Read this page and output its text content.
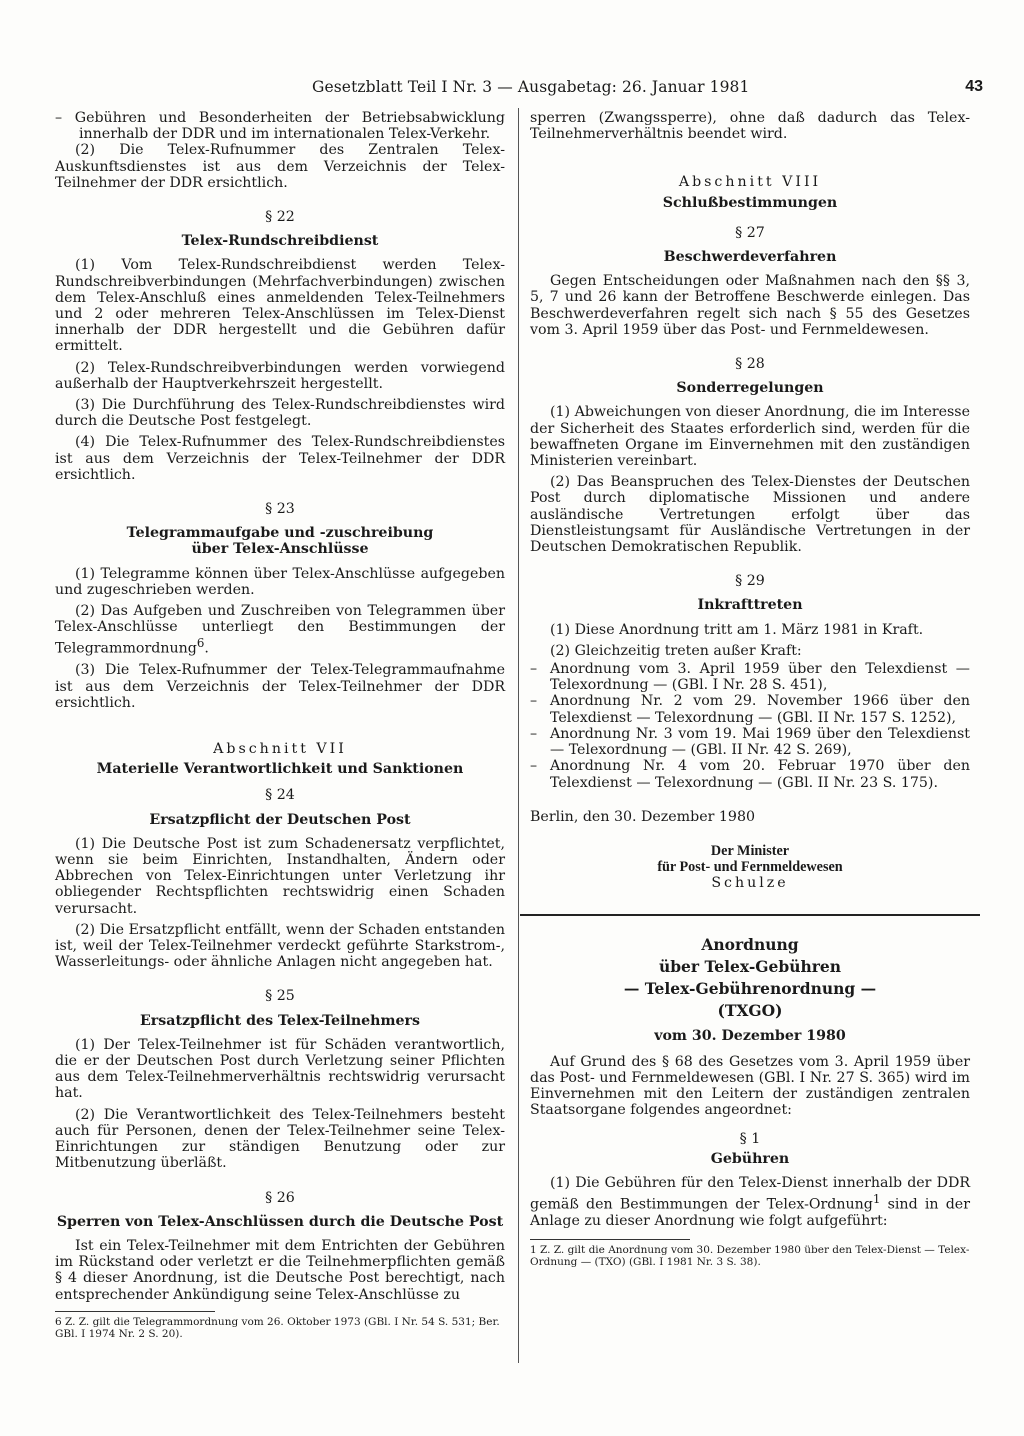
Gesetzblatt Teil I Nr. 3 — Ausgabetag: 26. Januar 1981	43

– Gebühren und Besonderheiten der Betriebsabwicklung innerhalb der DDR und im internationalen Telex-Verkehr.

(2) Die Telex-Rufnummer des Zentralen Telex-Auskunftsdienstes ist aus dem Verzeichnis der Telex-Teilnehmer der DDR ersichtlich.

§ 22
Telex-Rundschreibdienst

(1) Vom Telex-Rundschreibdienst werden Telex-Rundschreibverbindungen (Mehrfachverbindungen) zwischen dem Telex-Anschluß eines anmeldenden Telex-Teilnehmers und 2 oder mehreren Telex-Anschlüssen im Telex-Dienst innerhalb der DDR hergestellt und die Gebühren dafür ermittelt.

(2) Telex-Rundschreibverbindungen werden vorwiegend außerhalb der Hauptverkehrszeit hergestellt.

(3) Die Durchführung des Telex-Rundschreibdienstes wird durch die Deutsche Post festgelegt.

(4) Die Telex-Rufnummer des Telex-Rundschreibdienstes ist aus dem Verzeichnis der Telex-Teilnehmer der DDR ersichtlich.

§ 23
Telegrammaufgabe und -zuschreibung
über Telex-Anschlüsse

(1) Telegramme können über Telex-Anschlüsse aufgegeben und zugeschrieben werden.

(2) Das Aufgeben und Zuschreiben von Telegrammen über Telex-Anschlüsse unterliegt den Bestimmungen der Telegrammordnung$^6$.

(3) Die Telex-Rufnummer der Telex-Telegrammaufnahme ist aus dem Verzeichnis der Telex-Teilnehmer der DDR ersichtlich.

Abschnitt VII
Materielle Verantwortlichkeit und Sanktionen
§ 24
Ersatzpflicht der Deutschen Post

(1) Die Deutsche Post ist zum Schadenersatz verpflichtet, wenn sie beim Einrichten, Instandhalten, Ändern oder Abbrechen von Telex-Einrichtungen unter Verletzung ihr obliegender Rechtspflichten rechtswidrig einen Schaden verursacht.

(2) Die Ersatzpflicht entfällt, wenn der Schaden entstanden ist, weil der Telex-Teilnehmer verdeckt geführte Starkstrom-, Wasserleitungs- oder ähnliche Anlagen nicht angegeben hat.

§ 25
Ersatzpflicht des Telex-Teilnehmers

(1) Der Telex-Teilnehmer ist für Schäden verantwortlich, die er der Deutschen Post durch Verletzung seiner Pflichten aus dem Telex-Teilnehmerverhältnis rechtswidrig verursacht hat.

(2) Die Verantwortlichkeit des Telex-Teilnehmers besteht auch für Personen, denen der Telex-Teilnehmer seine Telex-Einrichtungen zur ständigen Benutzung oder zur Mitbenutzung überläßt.

§ 26
Sperren von Telex-Anschlüssen durch die Deutsche Post

Ist ein Telex-Teilnehmer mit dem Entrichten der Gebühren im Rückstand oder verletzt er die Teilnehmerpflichten gemäß § 4 dieser Anordnung, ist die Deutsche Post berechtigt, nach entsprechender Ankündigung seine Telex-Anschlüsse zu

6 Z. Z. gilt die Telegrammordnung vom 26. Oktober 1973 (GBl. I Nr. 54 S. 531; Ber. GBl. I 1974 Nr. 2 S. 20).

sperren (Zwangssperre), ohne daß dadurch das Telex-Teilnehmerverhältnis beendet wird.

Abschnitt VIII
Schlußbestimmungen
§ 27
Beschwerdeverfahren

Gegen Entscheidungen oder Maßnahmen nach den §§ 3, 5, 7 und 26 kann der Betroffene Beschwerde einlegen. Das Beschwerdeverfahren regelt sich nach § 55 des Gesetzes vom 3. April 1959 über das Post- und Fernmeldewesen.

§ 28
Sonderregelungen

(1) Abweichungen von dieser Anordnung, die im Interesse der Sicherheit des Staates erforderlich sind, werden für die bewaffneten Organe im Einvernehmen mit den zuständigen Ministerien vereinbart.

(2) Das Beanspruchen des Telex-Dienstes der Deutschen Post durch diplomatische Missionen und andere ausländische Vertretungen erfolgt über das Dienstleistungsamt für Ausländische Vertretungen in der Deutschen Demokratischen Republik.

§ 29
Inkrafttreten

(1) Diese Anordnung tritt am 1. März 1981 in Kraft.

(2) Gleichzeitig treten außer Kraft:

– Anordnung vom 3. April 1959 über den Telexdienst — Telexordnung — (GBl. I Nr. 28 S. 451),
– Anordnung Nr. 2 vom 29. November 1966 über den Telexdienst — Telexordnung — (GBl. II Nr. 157 S. 1252),
– Anordnung Nr. 3 vom 19. Mai 1969 über den Telexdienst — Telexordnung — (GBl. II Nr. 42 S. 269),
– Anordnung Nr. 4 vom 20. Februar 1970 über den Telexdienst — Telexordnung — (GBl. II Nr. 23 S. 175).

Berlin, den 30. Dezember 1980

Der Minister
für Post- und Fernmeldewesen
Schulze
Anordnung
über Telex-Gebühren
— Telex-Gebührenordnung —
(TXGO)
vom 30. Dezember 1980

Auf Grund des § 68 des Gesetzes vom 3. April 1959 über das Post- und Fernmeldewesen (GBl. I Nr. 27 S. 365) wird im Einvernehmen mit den Leitern der zuständigen zentralen Staatsorgane folgendes angeordnet:

§ 1
Gebühren

(1) Die Gebühren für den Telex-Dienst innerhalb der DDR gemäß den Bestimmungen der Telex-Ordnung$^1$ sind in der Anlage zu dieser Anordnung wie folgt aufgeführt:

1 Z. Z. gilt die Anordnung vom 30. Dezember 1980 über den Telex-Dienst — Telex-Ordnung — (TXO) (GBl. I 1981 Nr. 3 S. 38).
